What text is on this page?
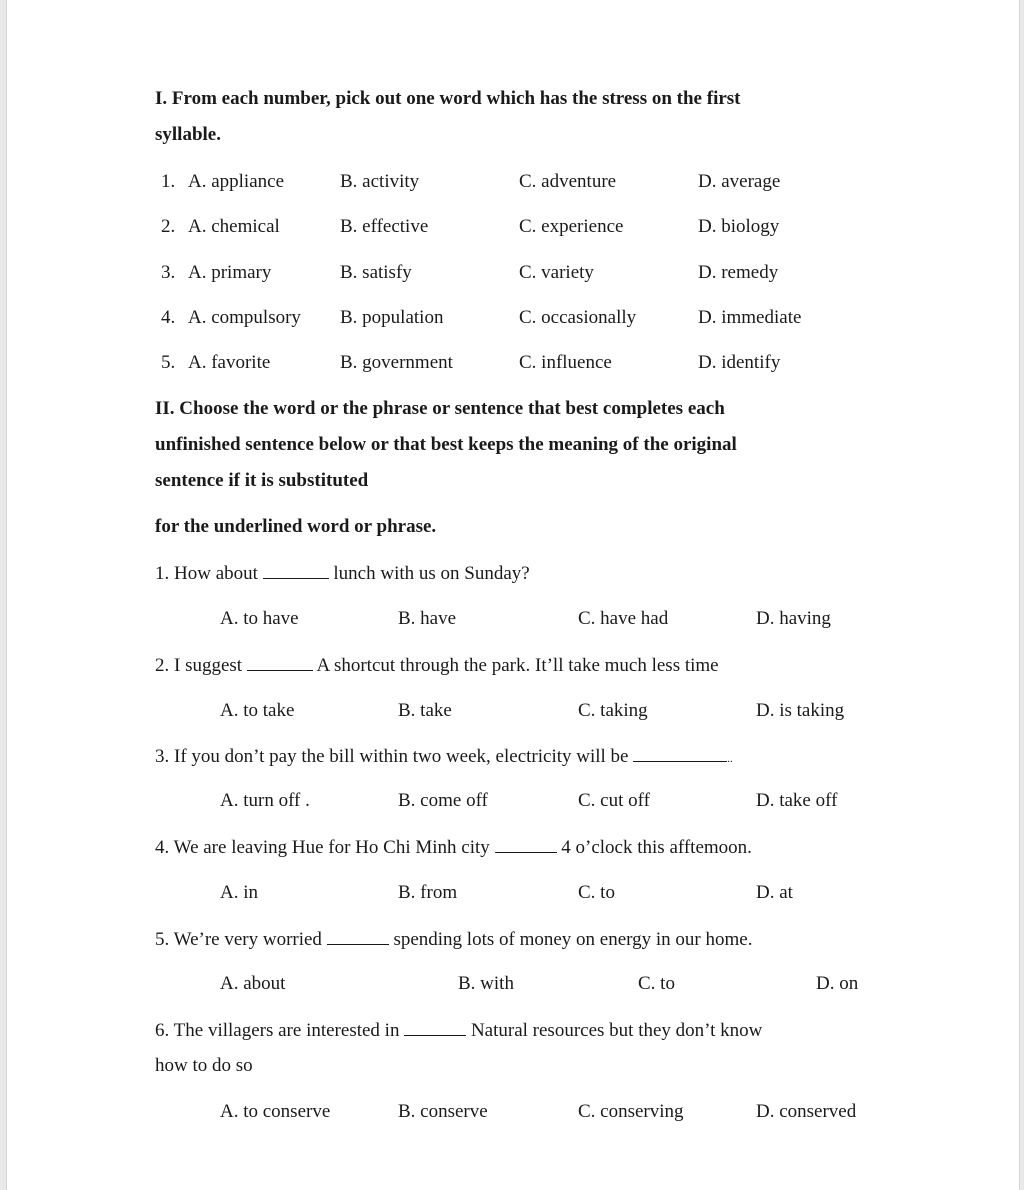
I. From each number, pick out one word which has the stress on the first
syllable.
1. A. appliance	B. activity	C. adventure	D. average
2. A. chemical	B. effective	C. experience	D. biology
3. A. primary	B. satisfy	C. variety	D. remedy
4. A. compulsory B. population	C. occasionally	D. immediate
5. A. favorite	B. government	C. influence	D. identify
II. Choose the word or the phrase or sentence that best completes each
unfinished sentence below or that best keeps the meaning of the original
sentence if it is substituted
for the underlined word or phrase.
1. How about	lunch with us on Sunday?
A. to have	B. have	C. have had	D. having
2. I suggest	A shortcut through the park. It’ll take much less time
A. to take	B. take	C. taking	D. is taking
3. If you don’t pay the bill within two week, electricity will be	..
A. turn off .	B. come off	C. cut off	D. take off
4. We are leaving Hue for Ho Chi Minh city	4 o’clock this afftemoon.
A. in	B. from	C. to	D. at
5. We’re very worried	spending lots of money on energy in our home.
A. about	B. with	C. to	D. on
6. The villagers are interested in	Natural resources but they don’t know
how to do so
A. to conserve	B. conserve	C. conserving	D. conserved
